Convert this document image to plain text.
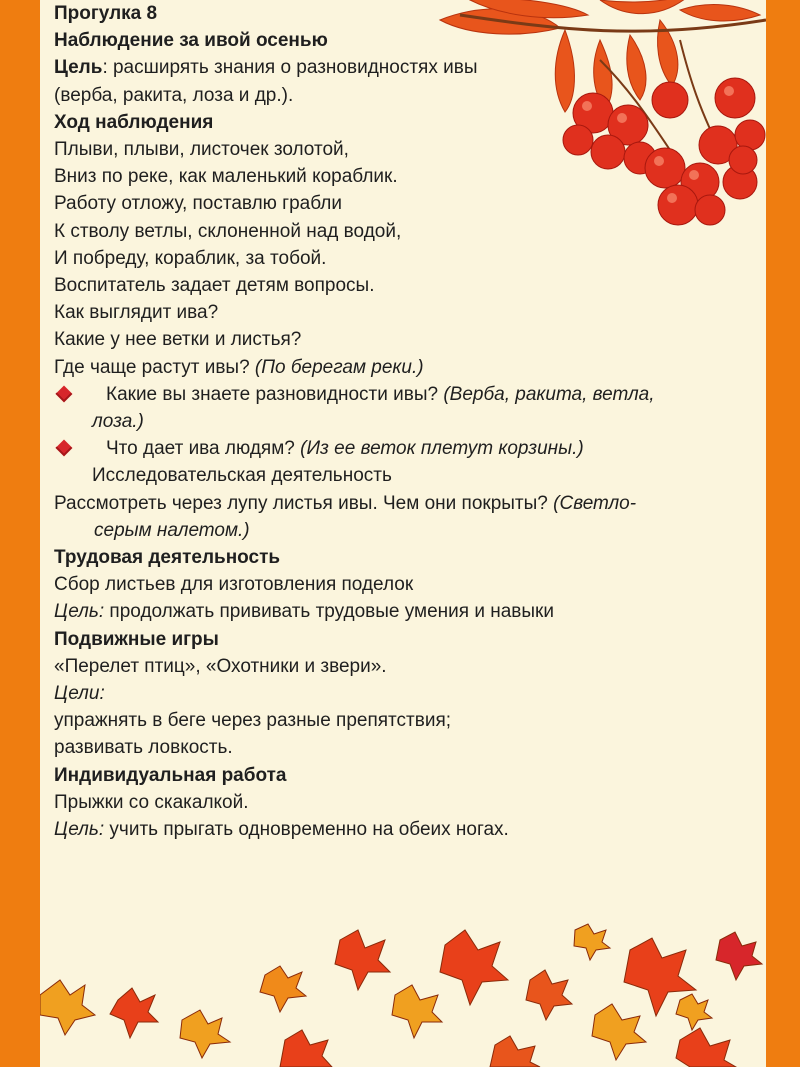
Прогулка 8
Наблюдение за ивой осенью
Цель: расширять знания о разновидностях ивы
(верба, ракита, лоза и др.).
Ход наблюдения
Плыви, плыви, листочек золотой,
Вниз по реке, как маленький кораблик.
Работу отложу, поставлю грабли
К стволу ветлы, склоненной над водой,
И побреду, кораблик, за тобой.
Воспитатель задает детям вопросы.
Как выглядит ива?
Какие у нее ветки и листья?
Где чаще растут ивы? (По берегам реки.)
Какие вы знаете разновидности ивы? (Верба, ракита, ветла,
лоза.)
Что дает ива людям? (Из ее веток плетут корзины.)
Исследовательская деятельность
Рассмотреть через лупу листья ивы. Чем они покрыты? (Светло-
серым налетом.)
Трудовая деятельность
Сбор листьев для изготовления поделок
Цель: продолжать прививать трудовые умения и навыки
Подвижные игры
«Перелет птиц», «Охотники и звери».
Цели:
упражнять в беге через разные препятствия;
развивать ловкость.
Индивидуальная работа
Прыжки со скакалкой.
Цель: учить прыгать одновременно на обеих ногах.
